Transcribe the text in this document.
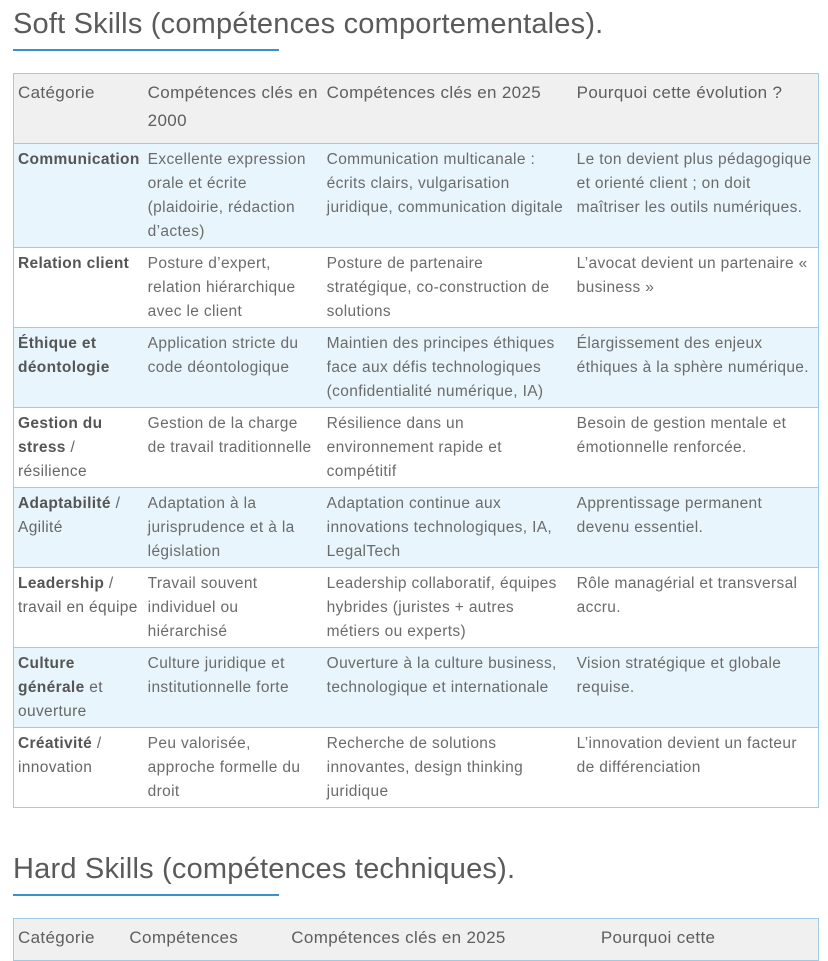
Soft Skills (compétences comportementales).
Catégorie	Compétences clés en 2000	Compétences clés en 2025	Pourquoi cette évolution ?
Communication	Excellente expression orale et écrite (plaidoirie, rédaction d’actes)	Communication multicanale : écrits clairs, vulgarisation juridique, communication digitale	Le ton devient plus pédagogique et orienté client ; on doit maîtriser les outils numériques.
Relation client	Posture d’expert, relation hiérarchique avec le client	Posture de partenaire stratégique, co-construction de solutions	L’avocat devient un partenaire « business »
Éthique et déontologie	Application stricte du code déontologique	Maintien des principes éthiques face aux défis technologiques (confidentialité numérique, IA)	Élargissement des enjeux éthiques à la sphère numérique.
Gestion du stress / résilience	Gestion de la charge de travail traditionnelle	Résilience dans un environnement rapide et compétitif	Besoin de gestion mentale et émotionnelle renforcée.
Adaptabilité / Agilité	Adaptation à la jurisprudence et à la législation	Adaptation continue aux innovations technologiques, IA, LegalTech	Apprentissage permanent devenu essentiel.
Leadership / travail en équipe	Travail souvent individuel ou hiérarchisé	Leadership collaboratif, équipes hybrides (juristes + autres métiers ou experts)	Rôle managérial et transversal accru.
Culture générale et ouverture	Culture juridique et institutionnelle forte	Ouverture à la culture business, technologique et internationale	Vision stratégique et globale requise.
Créativité / innovation	Peu valorisée, approche formelle du droit	Recherche de solutions innovantes, design thinking juridique	L’innovation devient un facteur de différenciation
Hard Skills (compétences techniques).
Catégorie	Compétences	Compétences clés en 2025	Pourquoi cette
